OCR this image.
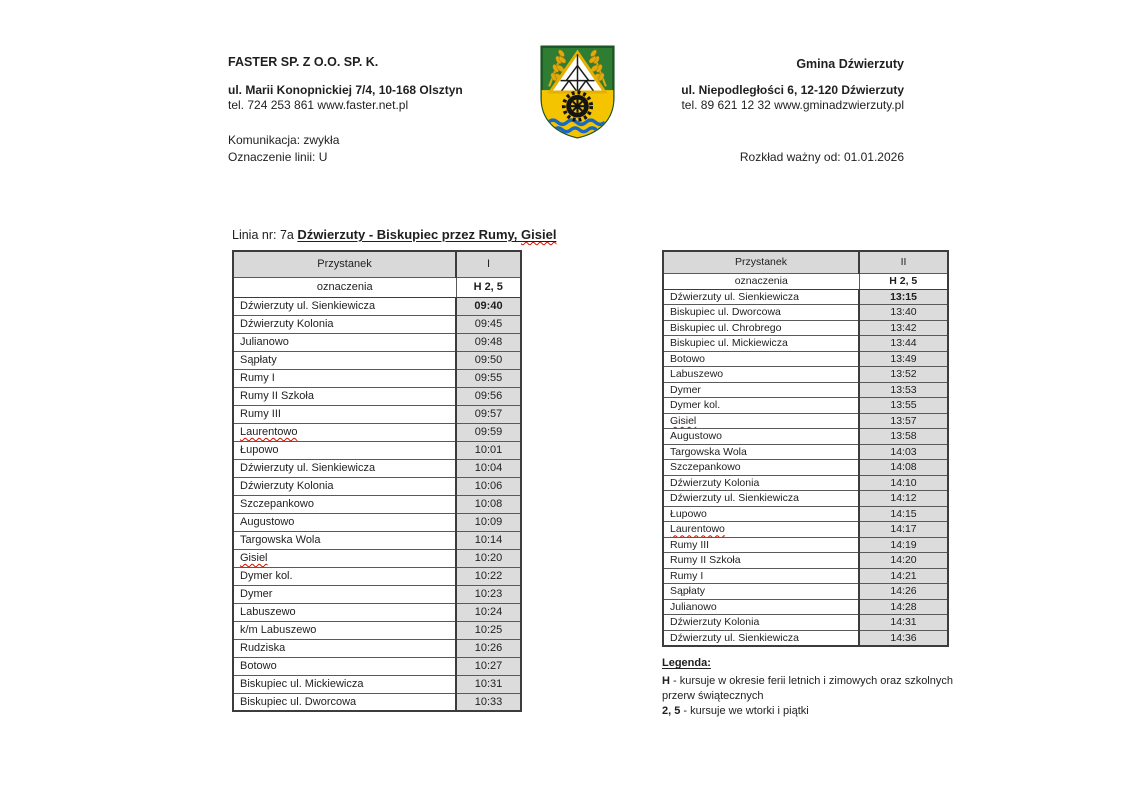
FASTER SP. Z O.O. SP. K.
ul. Marii Konopnickiej 7/4, 10-168 Olsztyn
tel. 724 253 861 www.faster.net.pl
Komunikacja: zwykła
Oznaczenie linii: U
Gmina Dźwierzuty
ul. Niepodległości 6, 12-120 Dźwierzuty
tel. 89 621 12 32 www.gminadzwierzuty.pl
Rozkład ważny od: 01.01.2026
Linia nr: 7a Dźwierzuty - Biskupiec przez Rumy, Gisiel
Przystanek	I
oznaczenia	H 2, 5
Dźwierzuty ul. Sienkiewicza	09:40
Dźwierzuty Kolonia	09:45
Julianowo	09:48
Sąpłaty	09:50
Rumy I	09:55
Rumy II Szkoła	09:56
Rumy III	09:57
Laurentowo	09:59
Łupowo	10:01
Dźwierzuty ul. Sienkiewicza	10:04
Dźwierzuty Kolonia	10:06
Szczepankowo	10:08
Augustowo	10:09
Targowska Wola	10:14
Gisiel	10:20
Dymer kol.	10:22
Dymer	10:23
Labuszewo	10:24
k/m Labuszewo	10:25
Rudziska	10:26
Botowo	10:27
Biskupiec ul. Mickiewicza	10:31
Biskupiec ul. Dworcowa	10:33
Przystanek	II
oznaczenia	H 2, 5
Dźwierzuty ul. Sienkiewicza	13:15
Biskupiec ul. Dworcowa	13:40
Biskupiec ul. Chrobrego	13:42
Biskupiec ul. Mickiewicza	13:44
Botowo	13:49
Labuszewo	13:52
Dymer	13:53
Dymer kol.	13:55
Gisiel	13:57
Augustowo	13:58
Targowska Wola	14:03
Szczepankowo	14:08
Dźwierzuty Kolonia	14:10
Dźwierzuty ul. Sienkiewicza	14:12
Łupowo	14:15
Laurentowo	14:17
Rumy III	14:19
Rumy II Szkoła	14:20
Rumy I	14:21
Sąpłaty	14:26
Julianowo	14:28
Dźwierzuty Kolonia	14:31
Dźwierzuty ul. Sienkiewicza	14:36
Legenda:
H - kursuje w okresie ferii letnich i zimowych oraz szkolnych przerw świątecznych
2, 5 - kursuje we wtorki i piątki
